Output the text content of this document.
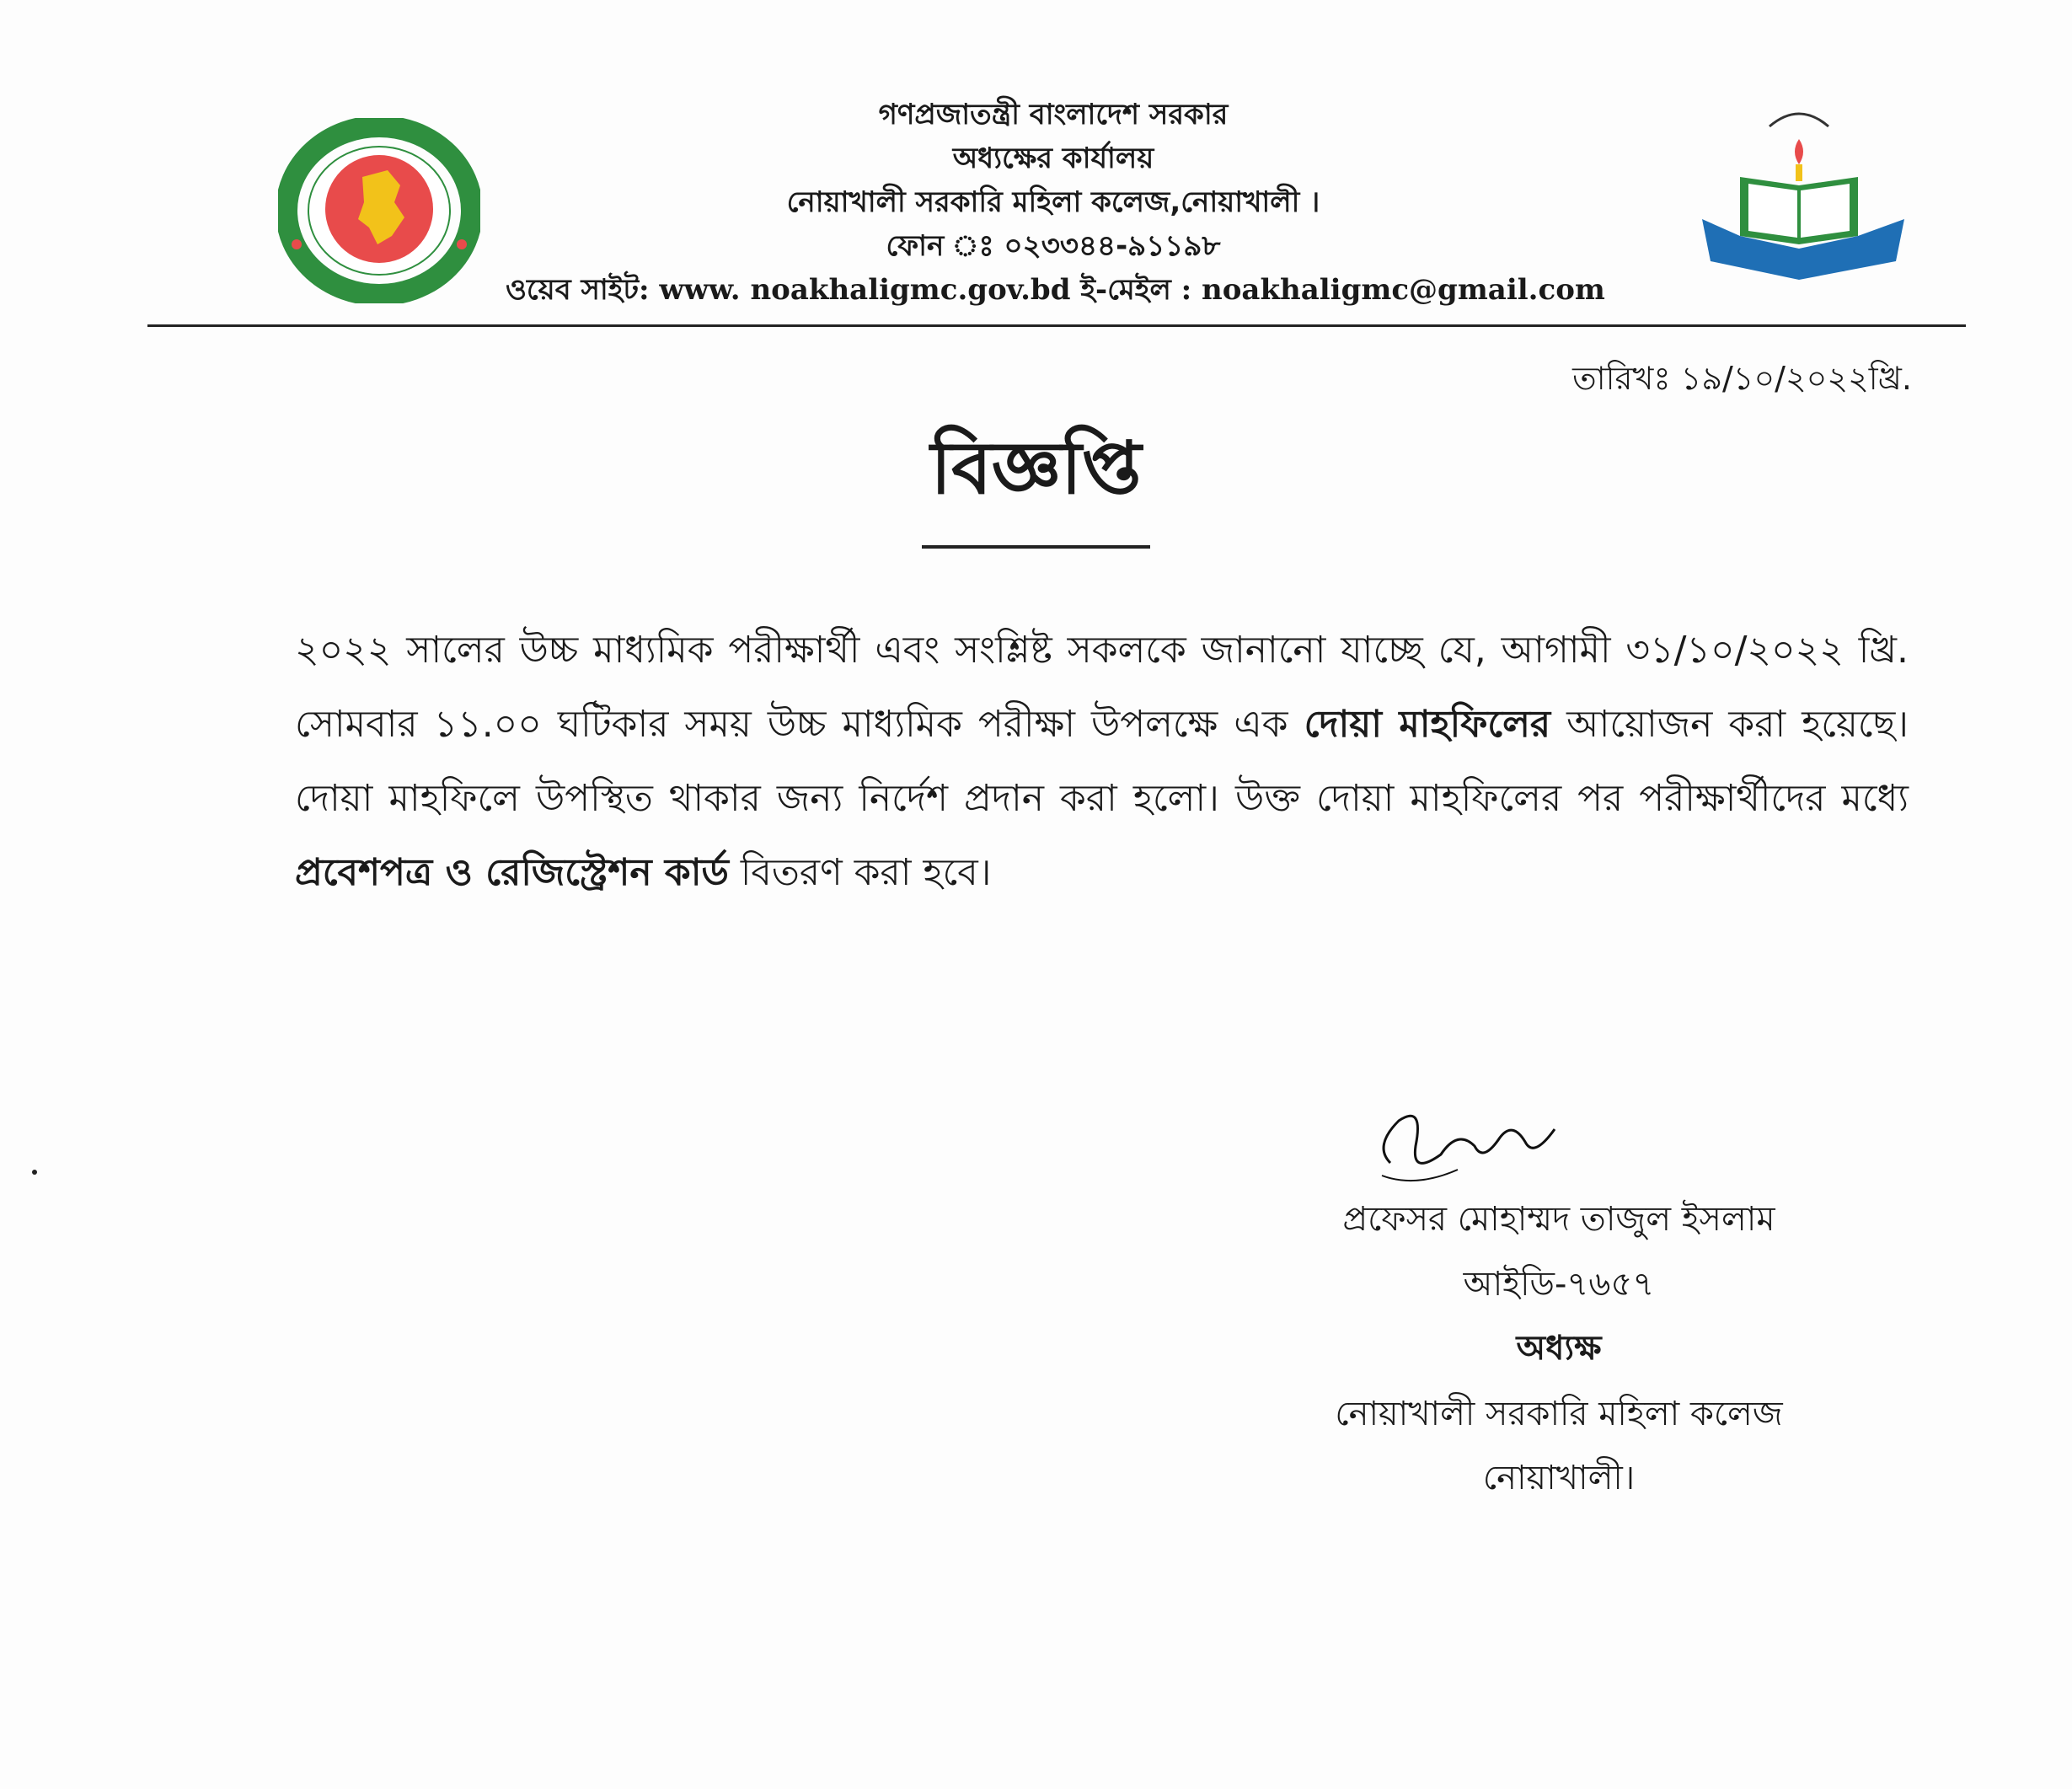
গণপ্রজাতন্ত্রী বাংলাদেশ সরকার
অধ্যক্ষের কার্যালয়
নোয়াখালী সরকারি মহিলা কলেজ,নোয়াখালী ।
ফোন ঃ ০২৩৩৪৪-৯১১৯৮
ওয়েব সাইট: www. noakhaligmc.gov.bd ই-মেইল : noakhaligmc@gmail.com
তারিখঃ ১৯/১০/২০২২খ্রি.
বিজ্ঞপ্তি
২০২২ সালের উচ্চ মাধ্যমিক পরীক্ষার্থী এবং সংশ্লিষ্ট সকলকে জানানো যাচ্ছে যে, আগামী ৩১/১০/২০২২ খ্রি. সোমবার ১১.০০ ঘটিকার সময় উচ্চ মাধ্যমিক পরীক্ষা উপলক্ষে এক দোয়া মাহফিলের আয়োজন করা হয়েছে। দোয়া মাহফিলে উপস্থিত থাকার জন্য নির্দেশ প্রদান করা হলো। উক্ত দোয়া মাহফিলের পর পরীক্ষার্থীদের মধ্যে প্রবেশপত্র ও রেজিস্ট্রেশন কার্ড বিতরণ করা হবে।
প্রফেসর মোহাম্মদ তাজুল ইসলাম
আইডি-৭৬৫৭
অধ্যক্ষ
নোয়াখালী সরকারি মহিলা কলেজ
নোয়াখালী।
